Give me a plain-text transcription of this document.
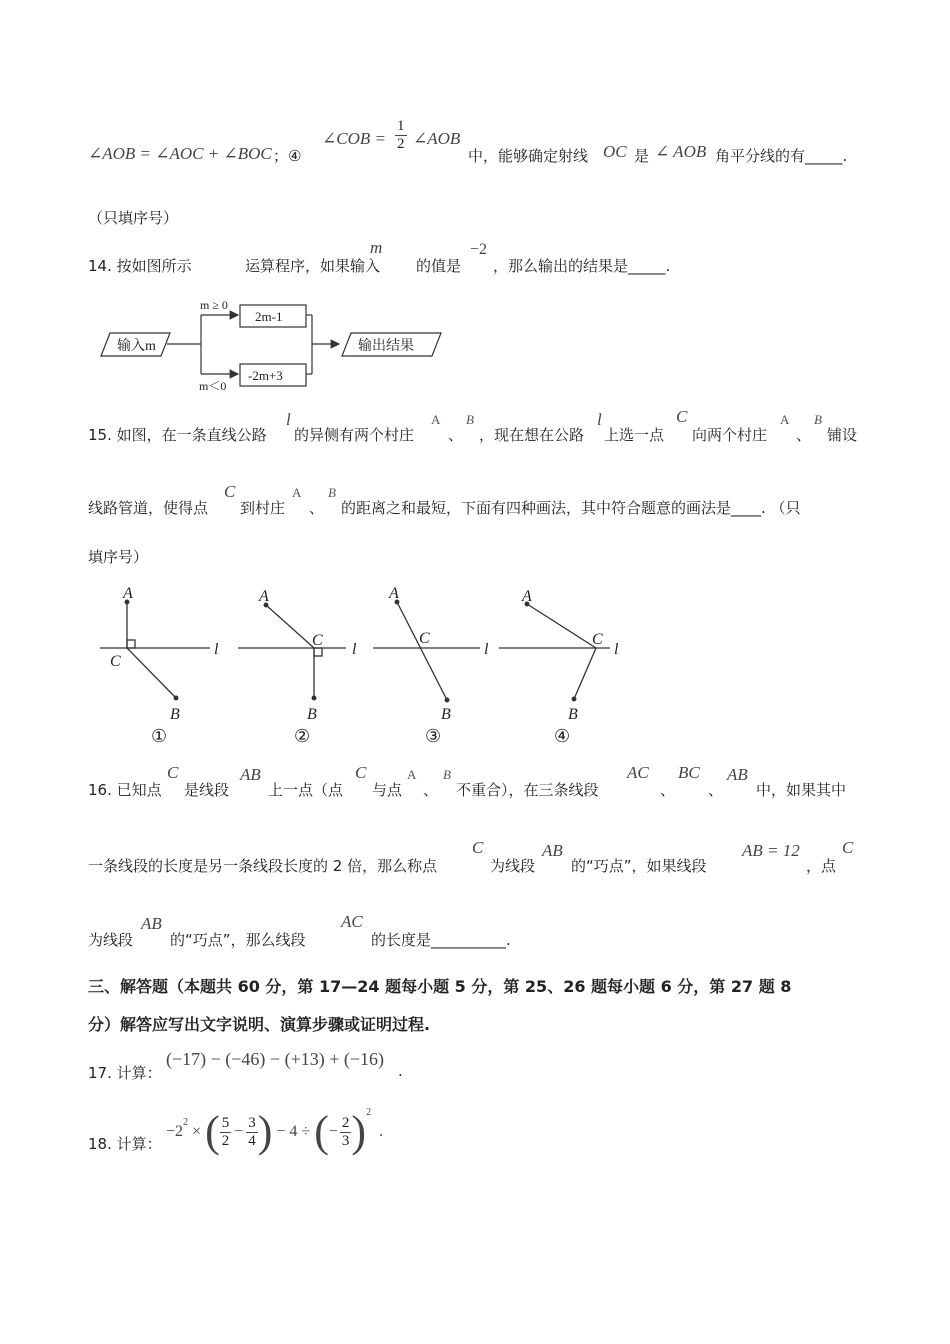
∠AOB = ∠AOC + ∠BOC ；④
∠COB = $\frac{1}{2}$ ∠AOB
中，能够确定射线 OC 是 ∠ AOB 角平分线的有_____.
（只填序号）
14. 按如图所示	运算程序，如果输入
m
的值是
−2
，那么输出的结果是_____.
输入m
m ≥ 0
m＜0
2m-1
-2m+3
输出结果
15. 如图，在一条直线公路
l
的异侧有两个村庄
A
、
B
，现在想在公路
l
上选一点
C
向两个村庄
A
、
B
铺设
线路管道，使得点
C
到村庄
A
、
B
的距离之和最短，下面有四种画法，其中符合题意的画法是____. （只
填序号）
A
C
B
l
A
C
B
l
A
C
B
l
A
C
B
l
①	②	③	④
16. 已知点
C
是线段
AB
上一点（点
C
与点
A
、
B
不重合），在三条线段
AC
、
BC
、
AB
中，如果其中
一条线段的长度是另一条线段长度的 2 倍，那么称点
C
为线段
AB
的“巧点”，如果线段
AB = 12
，点
C
为线段
AB
的“巧点”，那么线段
AC
的长度是__________.
三、解答题（本题共 60 分，第 17—24 题每小题 5 分，第 25、26 题每小题 6 分，第 27 题 8
分）解答应写出文字说明、演算步骤或证明过程.
17. 计算：
(−17) − (−46) − (+13) + (−16)
.
18. 计算：
−2
2
× ( $\frac{5}{2} - \frac{3}{4}$ ) − 4 ÷ ( − $\frac{2}{3}$ ) 2
.
